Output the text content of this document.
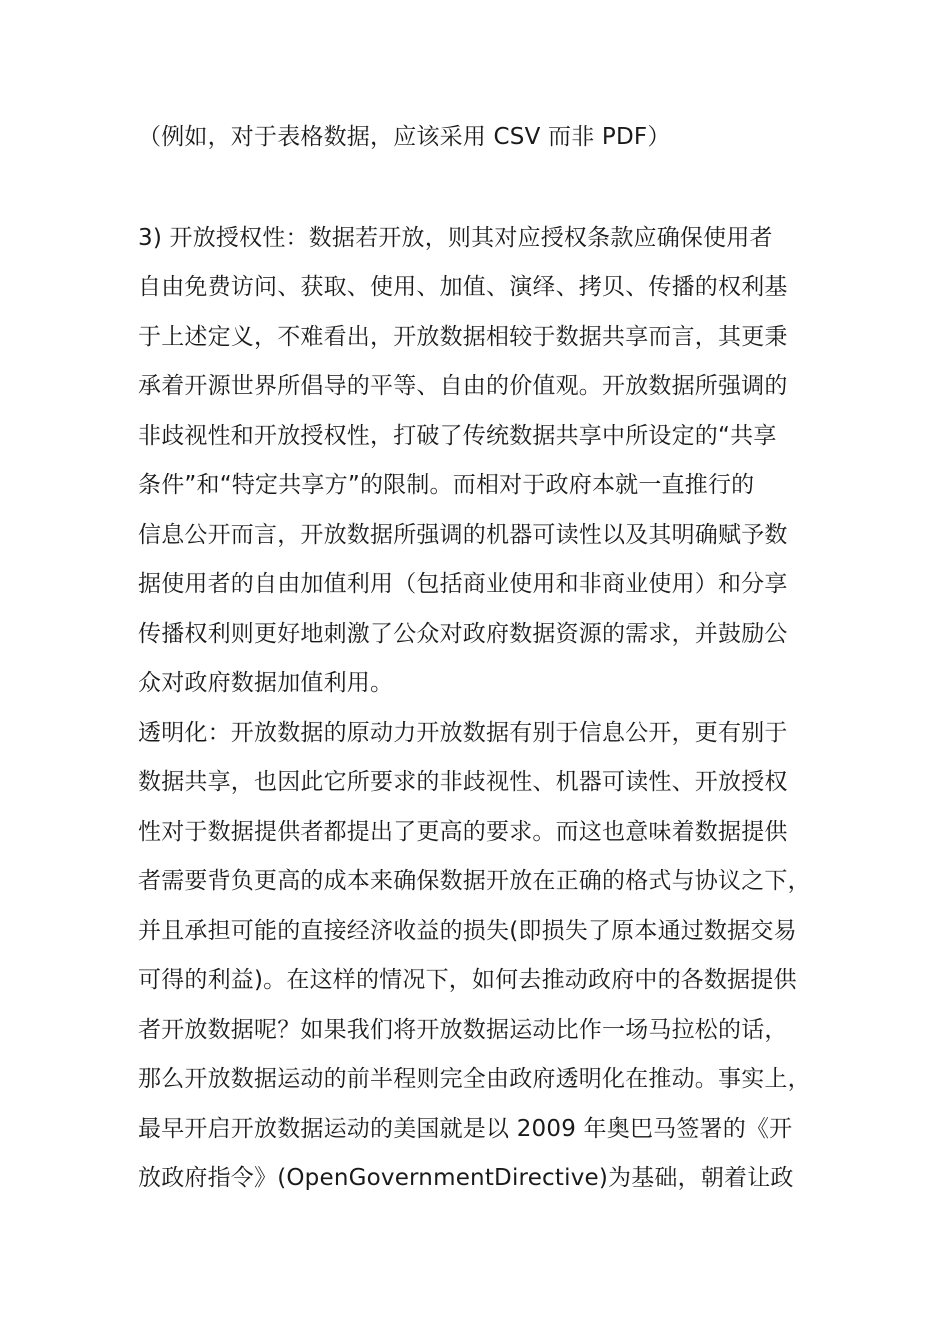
（例如，对于表格数据，应该采用 CSV 而非 PDF）
3) 开放授权性：数据若开放，则其对应授权条款应确保使用者
自由免费访问、获取、使用、加值、演绎、拷贝、传播的权利基
于上述定义，不难看出，开放数据相较于数据共享而言，其更秉
承着开源世界所倡导的平等、自由的价值观。开放数据所强调的
非歧视性和开放授权性，打破了传统数据共享中所设定的“共享
条件”和“特定共享方”的限制。而相对于政府本就一直推行的
信息公开而言，开放数据所强调的机器可读性以及其明确赋予数
据使用者的自由加值利用（包括商业使用和非商业使用）和分享
传播权利则更好地刺激了公众对政府数据资源的需求，并鼓励公
众对政府数据加值利用。
透明化：开放数据的原动力开放数据有别于信息公开，更有别于
数据共享，也因此它所要求的非歧视性、机器可读性、开放授权
性对于数据提供者都提出了更高的要求。而这也意味着数据提供
者需要背负更高的成本来确保数据开放在正确的格式与协议之下，
并且承担可能的直接经济收益的损失(即损失了原本通过数据交易
可得的利益)。在这样的情况下，如何去推动政府中的各数据提供
者开放数据呢？如果我们将开放数据运动比作一场马拉松的话，
那么开放数据运动的前半程则完全由政府透明化在推动。事实上，
最早开启开放数据运动的美国就是以 2009 年奥巴马签署的《开
放政府指令》(OpenGovernmentDirective)为基础，朝着让政
